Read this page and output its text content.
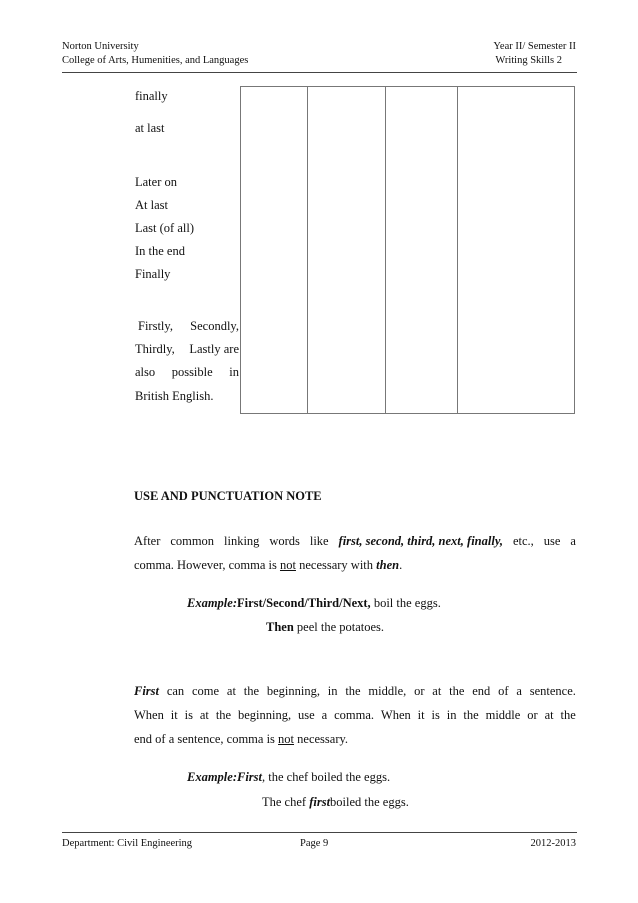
Norton University
College of Arts, Humenities, and Languages
Year II/ Semester II
Writing Skills 2
finally
at last
Later on
At last
Last (of all)
In the end
Finally
Firstly, Secondly,
Thirdly, Lastly are
also possible in
British English.

USE AND PUNCTUATION NOTE
After common linking words like first, second, third, next, finally, etc., use a
comma. However, comma is not necessary with then.
Example:First/Second/Third/Next, boil the eggs.
Then peel the potatoes.
First can come at the beginning, in the middle, or at the end of a sentence.
When it is at the beginning, use a comma. When it is in the middle or at the
end of a sentence, comma is not necessary.
Example:First, the chef boiled the eggs.
The chef firstboiled the eggs.
Department: Civil Engineering	Page 9	2012-2013
